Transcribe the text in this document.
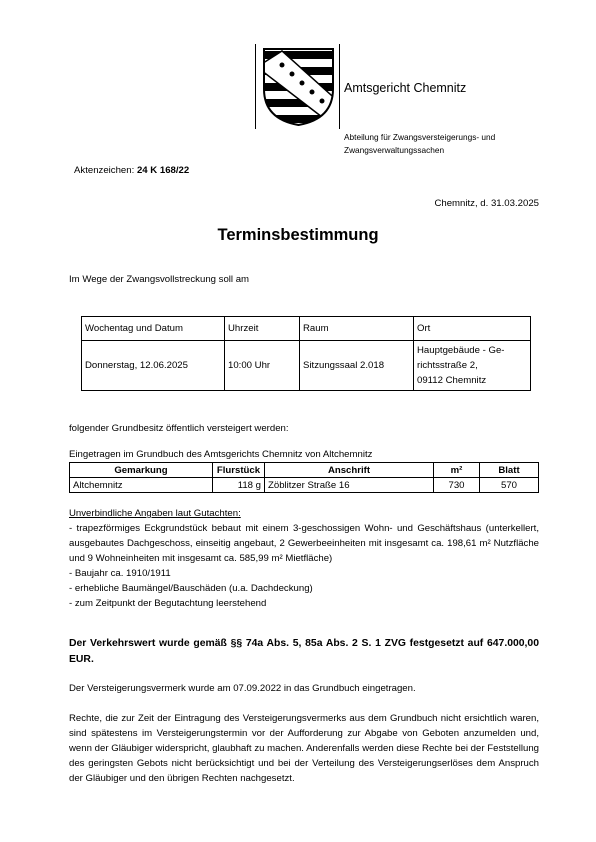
Amtsgericht Chemnitz
Abteilung für Zwangsversteigerungs- und Zwangsverwaltungssachen
Aktenzeichen: 24 K 168/22
Chemnitz, d. 31.03.2025
Terminsbestimmung
Im Wege der Zwangsvollstreckung soll am
Wochentag und Datum	Uhrzeit	Raum	Ort
Donnerstag, 12.06.2025	10:00 Uhr	Sitzungssaal 2.018	Hauptgebäude - Ge-
richtsstraße 2,
09112 Chemnitz
folgender Grundbesitz öffentlich versteigert werden:
Eingetragen im Grundbuch des Amtsgerichts Chemnitz von Altchemnitz
Gemarkung	Flurstück	Anschrift	m²	Blatt
Altchemnitz	118 g	Zöblitzer Straße 16	730	570
Unverbindliche Angaben laut Gutachten:
- trapezförmiges Eckgrundstück bebaut mit einem 3-geschossigen Wohn- und Geschäftshaus (unterkellert, ausgebautes Dachgeschoss, einseitig angebaut, 2 Gewerbeeinheiten mit insgesamt ca. 198,61 m² Nutzfläche und 9 Wohneinheiten mit insgesamt ca. 585,99 m² Mietfläche)
- Baujahr ca. 1910/1911
- erhebliche Baumängel/Bauschäden (u.a. Dachdeckung)
- zum Zeitpunkt der Begutachtung leerstehend
Der Verkehrswert wurde gemäß §§ 74a Abs. 5, 85a Abs. 2 S. 1 ZVG festgesetzt auf 647.000,00 EUR.
Der Versteigerungsvermerk wurde am 07.09.2022 in das Grundbuch eingetragen.
Rechte, die zur Zeit der Eintragung des Versteigerungsvermerks aus dem Grundbuch nicht ersichtlich waren, sind spätestens im Versteigerungstermin vor der Aufforderung zur Abgabe von Geboten anzumelden und, wenn der Gläubiger widerspricht, glaubhaft zu machen. Anderenfalls werden diese Rechte bei der Feststellung des geringsten Gebots nicht berücksichtigt und bei der Verteilung des Versteigerungserlöses dem Anspruch der Gläubiger und den übrigen Rechten nachgesetzt.
